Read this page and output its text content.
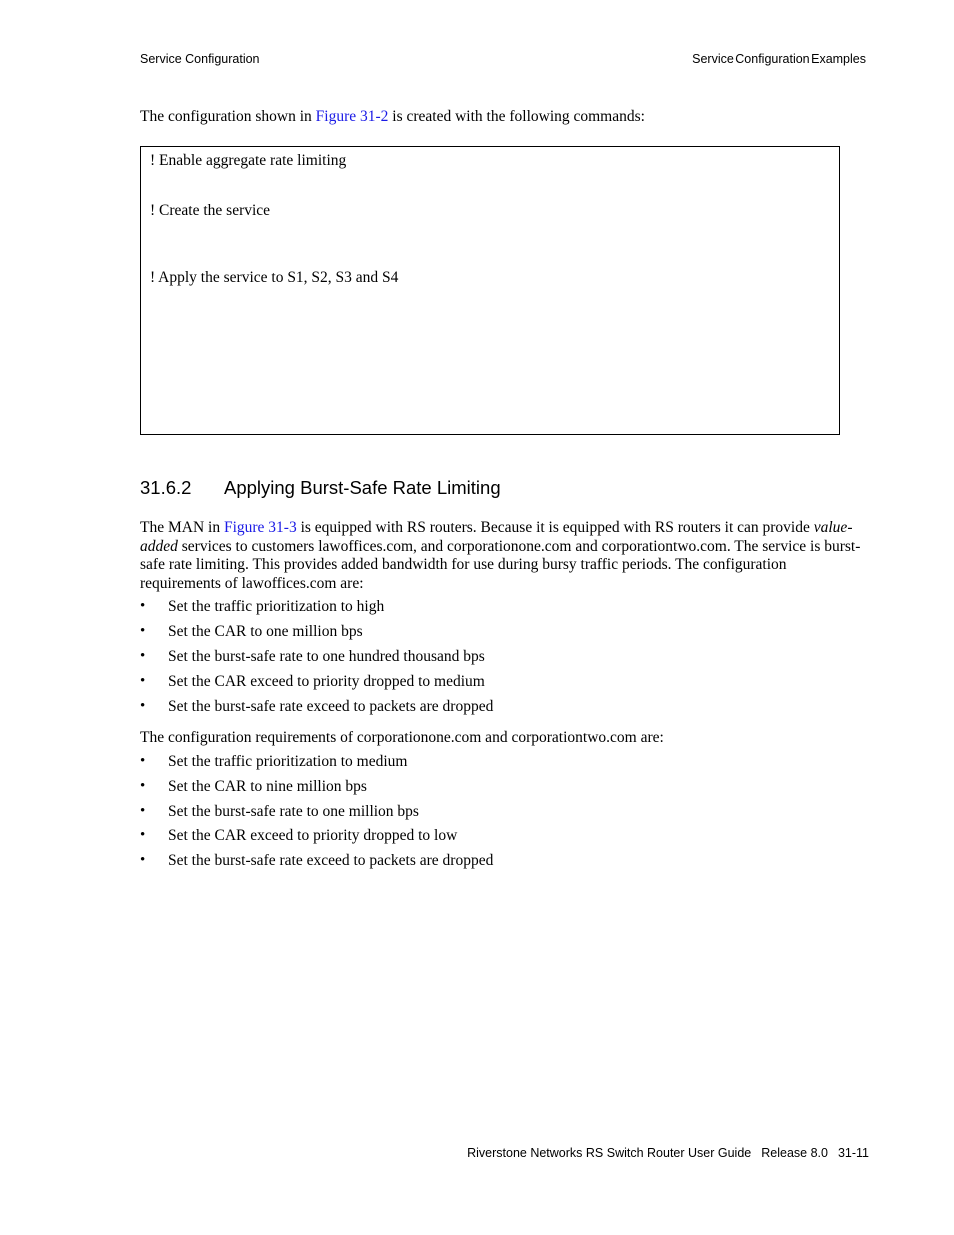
Service Configuration	Service Configuration Examples
The configuration shown in Figure 31-2 is created with the following commands:
! Enable aggregate rate limiting
! Create the service
! Apply the service to S1, S2, S3 and S4
31.6.2 Applying Burst-Safe Rate Limiting
The MAN in Figure 31-3 is equipped with RS routers. Because it is equipped with RS routers it can provide value-added services to customers lawoffices.com, and corporationone.com and corporationtwo.com. The service is burst-safe rate limiting. This provides added bandwidth for use during bursy traffic periods. The configuration requirements of lawoffices.com are:
• Set the traffic prioritization to high
• Set the CAR to one million bps
• Set the burst-safe rate to one hundred thousand bps
• Set the CAR exceed to priority dropped to medium
• Set the burst-safe rate exceed to packets are dropped
The configuration requirements of corporationone.com and corporationtwo.com are:
• Set the traffic prioritization to medium
• Set the CAR to nine million bps
• Set the burst-safe rate to one million bps
• Set the CAR exceed to priority dropped to low
• Set the burst-safe rate exceed to packets are dropped
Riverstone Networks RS Switch Router User Guide Release 8.0 31-11
